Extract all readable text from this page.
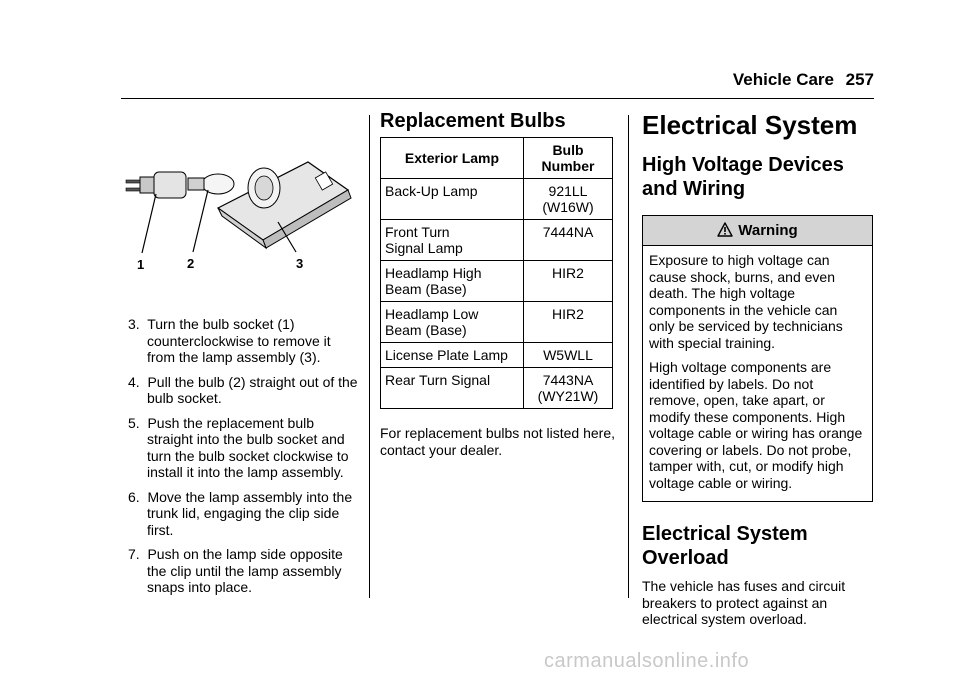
Vehicle Care 257
1	2	3

3. Turn the bulb socket (1) counterclockwise to remove it from the lamp assembly (3).

4. Pull the bulb (2) straight out of the bulb socket.

5. Push the replacement bulb straight into the bulb socket and turn the bulb socket clockwise to install it into the lamp assembly.

6. Move the lamp assembly into the trunk lid, engaging the clip side first.

7. Push on the lamp side opposite the clip until the lamp assembly snaps into place.

Replacement Bulbs
Exterior Lamp	Bulb Number
Back-Up Lamp	921LL
(W16W)
Front Turn
Signal Lamp	7444NA
Headlamp High
Beam (Base)	HIR2
Headlamp Low
Beam (Base)	HIR2
License Plate Lamp	W5WLL
Rear Turn Signal	7443NA
(WY21W)
For replacement bulbs not listed here, contact your dealer.
Electrical System
High Voltage Devices and Wiring
Warning

Exposure to high voltage can cause shock, burns, and even death. The high voltage components in the vehicle can only be serviced by technicians with special training.

High voltage components are identified by labels. Do not remove, open, take apart, or modify these components. High voltage cable or wiring has orange covering or labels. Do not probe, tamper with, cut, or modify high voltage cable or wiring.

Electrical System Overload
The vehicle has fuses and circuit breakers to protect against an electrical system overload.
carmanualsonline.info
